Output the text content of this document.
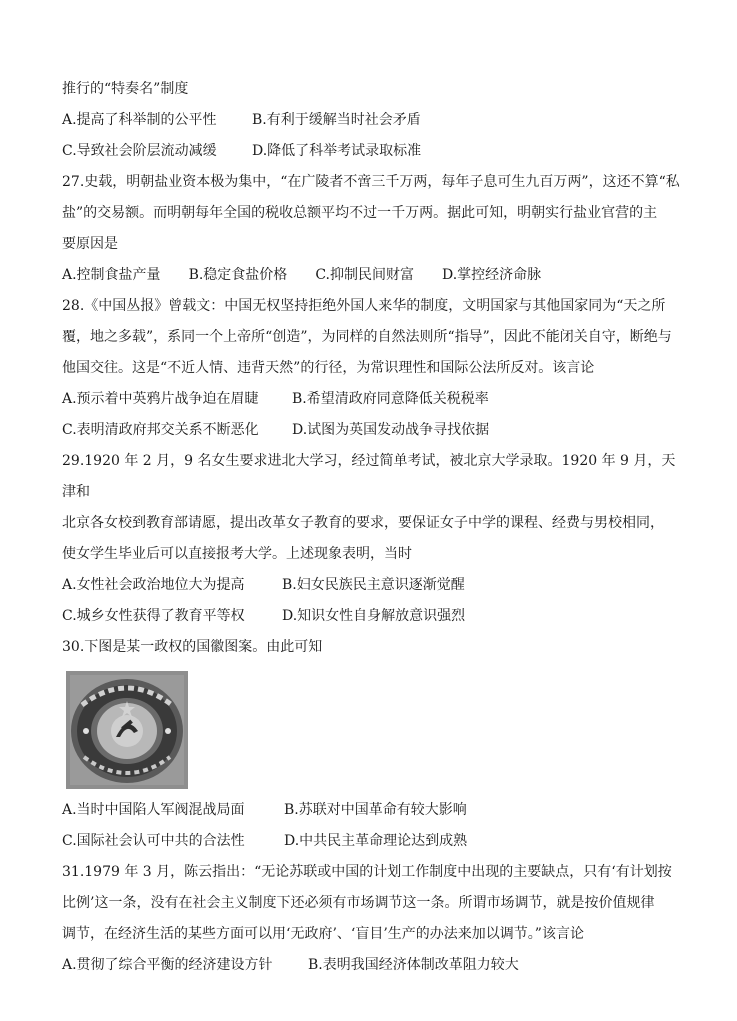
推行的“特奏名”制度

A.提高了科举制的公平性	B.有利于缓解当时社会矛盾
C.导致社会阶层流动减缓	D.降低了科举考试录取标准
27.史载，明朝盐业资本极为集中，“在广陵者不啻三千万两，每年子息可生九百万两”，这还不算“私
盐”的交易额。而明朝每年全国的税收总额平均不过一千万两。据此可知，明朝实行盐业官营的主
要原因是
A.控制食盐产量 B.稳定食盐价格 C.抑制民间财富 D.掌控经济命脉
28.《中国丛报》曾载文：中国无权坚持拒绝外国人来华的制度，文明国家与其他国家同为“天之所
覆，地之多载”，系同一个上帝所“创造”，为同样的自然法则所“指导”，因此不能闭关自守，断绝与
他国交往。这是“不近人情、违背天然”的行径，为常识理性和国际公法所反对。该言论
A.预示着中英鸦片战争迫在眉睫	B.希望清政府同意降低关税税率
C.表明清政府邦交关系不断恶化	D.试图为英国发动战争寻找依据
29.1920 年 2 月，9 名女生要求进北大学习，经过简单考试，被北京大学录取。1920 年 9 月，天津和
北京各女校到教育部请愿，提出改革女子教育的要求，要保证女子中学的课程、经费与男校相同，
使女学生毕业后可以直接报考大学。上述现象表明，当时
A.女性社会政治地位大为提高	B.妇女民族民主意识逐渐觉醒
C.城乡女性获得了教育平等权	D.知识女性自身解放意识强烈
30.下图是某一政权的国徽图案。由此可知
A.当时中国陷人军阀混战局面	B.苏联对中国革命有较大影响
C.国际社会认可中共的合法性	D.中共民主革命理论达到成熟
31.1979 年 3 月，陈云指出：“无论苏联或中国的计划工作制度中出现的主要缺点，只有‘有计划按
比例’这一条，没有在社会主义制度下还必须有市场调节这一条。所谓市场调节，就是按价值规律
调节，在经济生活的某些方面可以用‘无政府’、‘盲目’生产的办法来加以调节。”该言论
A.贯彻了综合平衡的经济建设方针	B.表明我国经济体制改革阻力较大
